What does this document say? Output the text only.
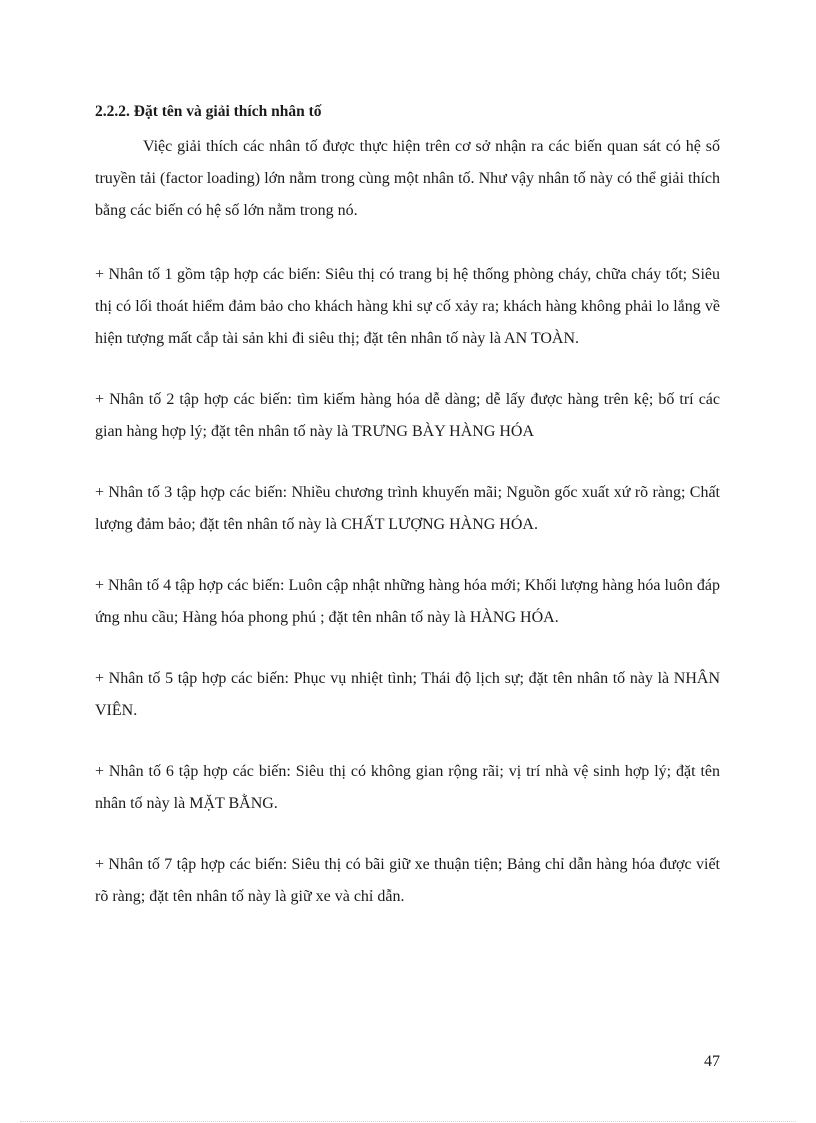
2.2.2. Đặt tên và giải thích nhân tố

Việc giải thích các nhân tố được thực hiện trên cơ sở nhận ra các biến quan sát có hệ số truyền tải (factor loading) lớn nằm trong cùng một nhân tố. Như vậy nhân tố này có thể giải thích bằng các biến có hệ số lớn nằm trong nó.

+ Nhân tố 1 gồm tập hợp các biến: Siêu thị có trang bị hệ thống phòng cháy, chữa cháy tốt; Siêu thị có lối thoát hiểm đảm bảo cho khách hàng khi sự cố xảy ra; khách hàng không phải lo lắng về hiện tượng mất cắp tài sản khi đi siêu thị; đặt tên nhân tố này là AN TOÀN.

+ Nhân tố 2 tập hợp các biến: tìm kiếm hàng hóa dễ dàng; dễ lấy được hàng trên kệ; bố trí các gian hàng hợp lý; đặt tên nhân tố này là TRƯNG BÀY HÀNG HÓA

+ Nhân tố 3 tập hợp các biến: Nhiều chương trình khuyến mãi; Nguồn gốc xuất xứ rõ ràng; Chất lượng đảm bảo; đặt tên nhân tố này là CHẤT LƯỢNG HÀNG HÓA.

+ Nhân tố 4 tập hợp các biến: Luôn cập nhật những hàng hóa mới; Khối lượng hàng hóa luôn đáp ứng nhu cầu; Hàng hóa phong phú ; đặt tên nhân tố này là HÀNG HÓA.

+ Nhân tố 5 tập hợp các biến: Phục vụ nhiệt tình; Thái độ lịch sự; đặt tên nhân tố này là NHÂN VIÊN.

+ Nhân tố 6 tập hợp các biến: Siêu thị có không gian rộng rãi; vị trí nhà vệ sinh hợp lý; đặt tên nhân tố này là MẶT BẰNG.

+ Nhân tố 7 tập hợp các biến: Siêu thị có bãi giữ xe thuận tiện; Bảng chỉ dẫn hàng hóa được viết rõ ràng; đặt tên nhân tố này là giữ xe và chỉ dẫn.

47
